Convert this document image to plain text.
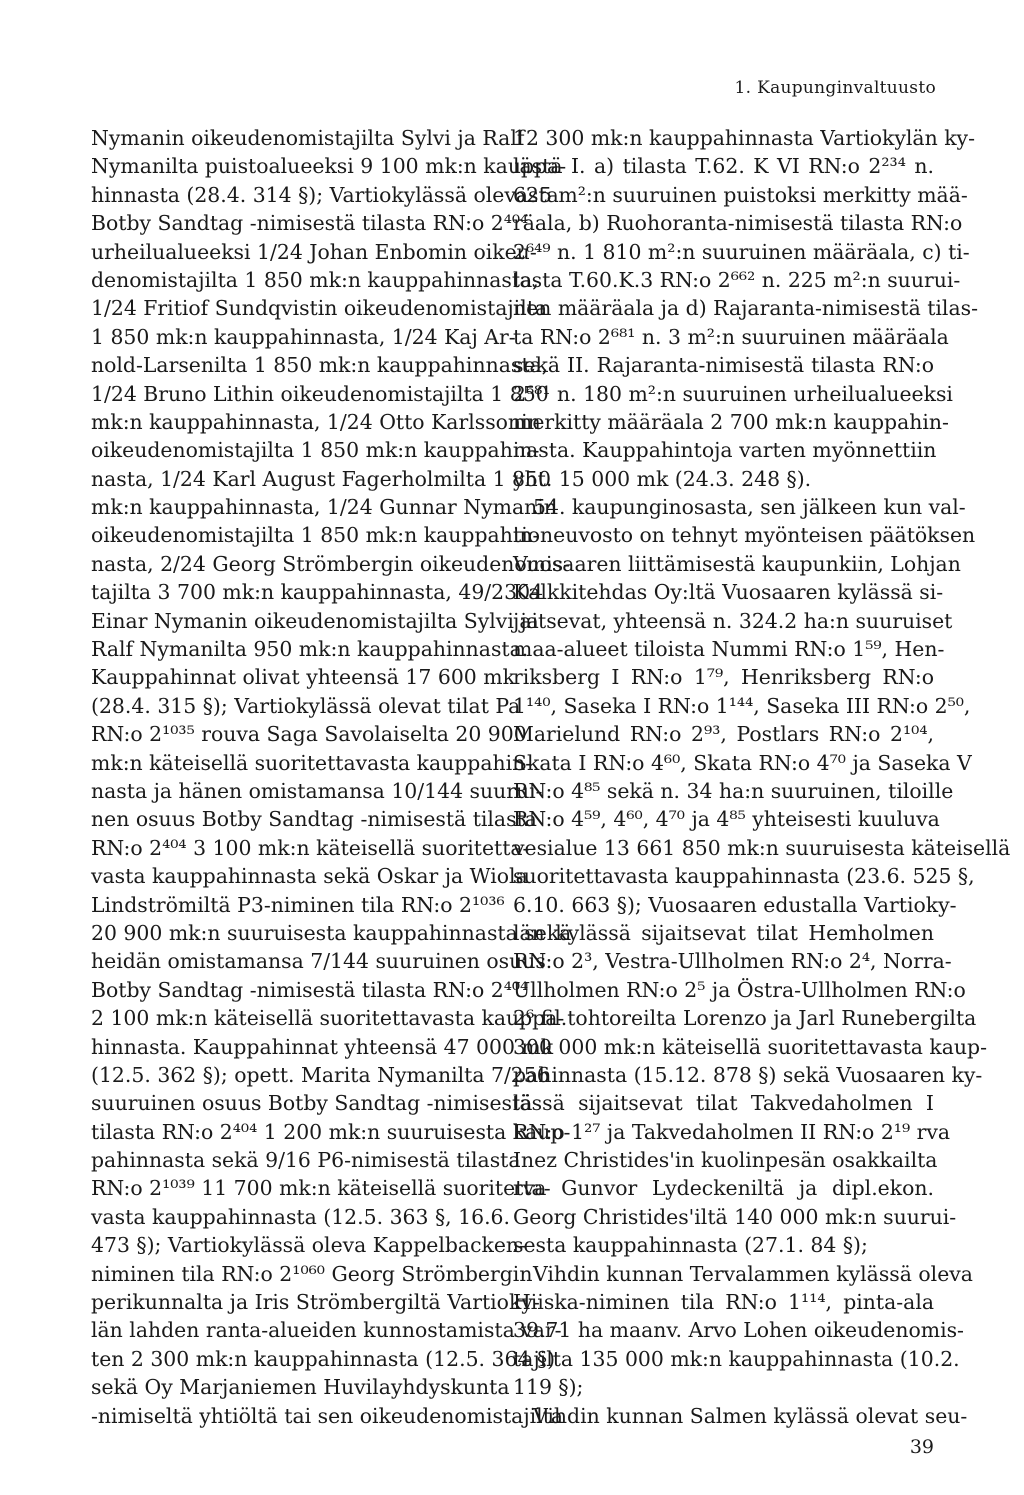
1. Kaupunginvaltuusto
Nymanin oikeudenomistajilta Sylvi ja Ralf
Nymanilta puistoalueeksi 9 100 mk:n kauppa-
hinnasta (28.4. 314 §); Vartiokylässä olevasta
Botby Sandtag -nimisestä tilasta RN:o 2⁴⁰⁴
urheilualueeksi 1/24 Johan Enbomin oikeu-
denomistajilta 1 850 mk:n kauppahinnasta,
1/24 Fritiof Sundqvistin oikeudenomistajilta
1 850 mk:n kauppahinnasta, 1/24 Kaj Ar-
nold-Larsenilta 1 850 mk:n kauppahinnasta,
1/24 Bruno Lithin oikeudenomistajilta 1 850
mk:n kauppahinnasta, 1/24 Otto Karlssonin
oikeudenomistajilta 1 850 mk:n kauppahin-
nasta, 1/24 Karl August Fagerholmilta 1 850
mk:n kauppahinnasta, 1/24 Gunnar Nymanin
oikeudenomistajilta 1 850 mk:n kauppahin-
nasta, 2/24 Georg Strömbergin oikeudenomis-
tajilta 3 700 mk:n kauppahinnasta, 49/2304
Einar Nymanin oikeudenomistajilta Sylvi ja
Ralf Nymanilta 950 mk:n kauppahinnasta.
Kauppahinnat olivat yhteensä 17 600 mk
(28.4. 315 §); Vartiokylässä olevat tilat Pa
RN:o 2¹⁰³⁵ rouva Saga Savolaiselta 20 900
mk:n käteisellä suoritettavasta kauppahin-
nasta ja hänen omistamansa 10/144 suurui-
nen osuus Botby Sandtag -nimisestä tilasta
RN:o 2⁴⁰⁴ 3 100 mk:n käteisellä suoritetta-
vasta kauppahinnasta sekä Oskar ja Wiola
Lindströmiltä P3-niminen tila RN:o 2¹⁰³⁶
20 900 mk:n suuruisesta kauppahinnasta sekä
heidän omistamansa 7/144 suuruinen osuus
Botby Sandtag -nimisestä tilasta RN:o 2⁴⁰⁴
2 100 mk:n käteisellä suoritettavasta kauppa-
hinnasta. Kauppahinnat yhteensä 47 000 mk
(12.5. 362 §); opett. Marita Nymanilta 7/256
suuruinen osuus Botby Sandtag -nimisestä
tilasta RN:o 2⁴⁰⁴ 1 200 mk:n suuruisesta kaup-
pahinnasta sekä 9/16 P6-nimisestä tilasta
RN:o 2¹⁰³⁹ 11 700 mk:n käteisellä suoritetta-
vasta kauppahinnasta (12.5. 363 §, 16.6.
473 §); Vartiokylässä oleva Kappelbacken-
niminen tila RN:o 2¹⁰⁶⁰ Georg Strömbergin
perikunnalta ja Iris Strömbergiltä Vartioky-
län lahden ranta-alueiden kunnostamista var-
ten 2 300 mk:n kauppahinnasta (12.5. 364 §)
sekä Oy Marjaniemen Huvilayhdyskunta
-nimiseltä yhtiöltä tai sen oikeudenomistajilta
12 300 mk:n kauppahinnasta Vartiokylän ky-
lästä I. a) tilasta T.62. K VI RN:o 2²³⁴ n.
625 m²:n suuruinen puistoksi merkitty mää-
räala, b) Ruohoranta-nimisestä tilasta RN:o
2⁶⁴⁹ n. 1 810 m²:n suuruinen määräala, c) ti-
lasta T.60.K.3 RN:o 2⁶⁶² n. 225 m²:n suurui-
nen määräala ja d) Rajaranta-nimisestä tilas-
ta RN:o 2⁶⁸¹ n. 3 m²:n suuruinen määräala
sekä II. Rajaranta-nimisestä tilasta RN:o
2⁶⁸¹ n. 180 m²:n suuruinen urheilualueeksi
merkitty määräala 2 700 mk:n kauppahin-
nasta. Kauppahintoja varten myönnettiin
yht. 15 000 mk (24.3. 248 §).
54. kaupunginosasta, sen jälkeen kun val-
tioneuvosto on tehnyt myönteisen päätöksen
Vuosaaren liittämisestä kaupunkiin, Lohjan
Kalkkitehdas Oy:ltä Vuosaaren kylässä si-
jaitsevat, yhteensä n. 324.2 ha:n suuruiset
maa-alueet tiloista Nummi RN:o 1⁵⁹, Hen-
riksberg I RN:o 1⁷⁹, Henriksberg RN:o
1¹⁴⁰, Saseka I RN:o 1¹⁴⁴, Saseka III RN:o 2⁵⁰,
Marielund RN:o 2⁹³, Postlars RN:o 2¹⁰⁴,
Skata I RN:o 4⁶⁰, Skata RN:o 4⁷⁰ ja Saseka V
RN:o 4⁸⁵ sekä n. 34 ha:n suuruinen, tiloille
RN:o 4⁵⁹, 4⁶⁰, 4⁷⁰ ja 4⁸⁵ yhteisesti kuuluva
vesialue 13 661 850 mk:n suuruisesta käteisellä
suoritettavasta kauppahinnasta (23.6. 525 §,
6.10. 663 §); Vuosaaren edustalla Vartioky-
län kylässä sijaitsevat tilat Hemholmen
RN:o 2³, Vestra-Ullholmen RN:o 2⁴, Norra-
Ullholmen RN:o 2⁵ ja Östra-Ullholmen RN:o
2⁶ fil.tohtoreilta Lorenzo ja Jarl Runebergilta
300 000 mk:n käteisellä suoritettavasta kaup-
pahinnasta (15.12. 878 §) sekä Vuosaaren ky-
lässä sijaitsevat tilat Takvedaholmen I
RN:o 1²⁷ ja Takvedaholmen II RN:o 2¹⁹ rva
Inez Christides'in kuolinpesän osakkailta
rva Gunvor Lydeckeniltä ja dipl.ekon.
Georg Christides'iltä 140 000 mk:n suurui-
sesta kauppahinnasta (27.1. 84 §);
Vihdin kunnan Tervalammen kylässä oleva
Hiiska-niminen tila RN:o 1¹¹⁴, pinta-ala
39.71 ha maanv. Arvo Lohen oikeudenomis-
tajilta 135 000 mk:n kauppahinnasta (10.2.
119 §);
Vihdin kunnan Salmen kylässä olevat seu-
39
